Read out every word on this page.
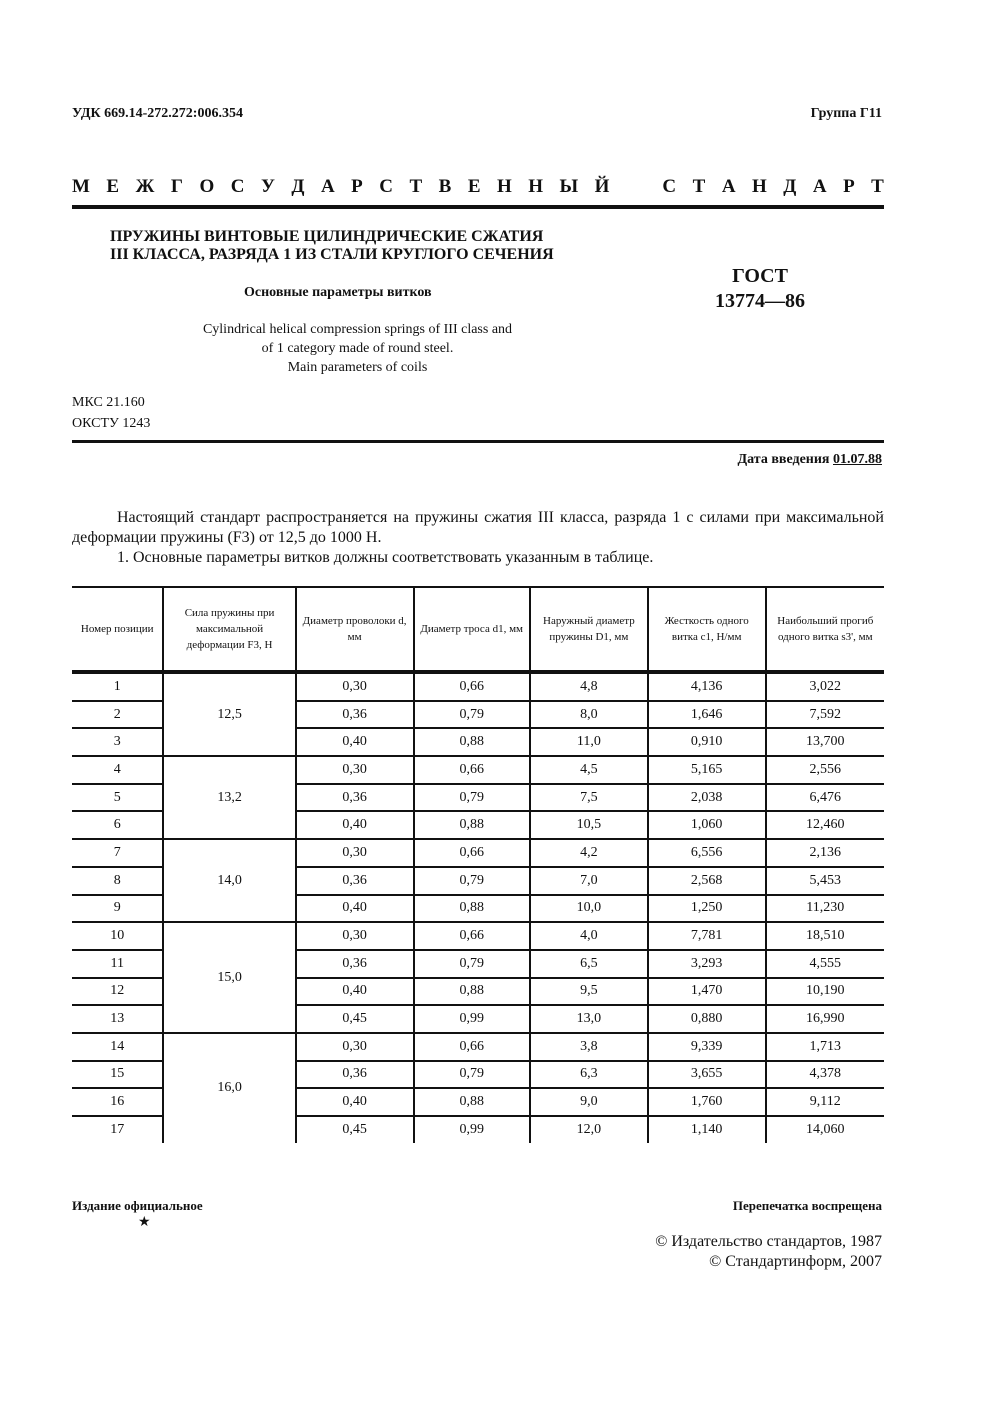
УДК 669.14-272.272:006.354	Группа Г11
М Е Ж Г О С У Д А Р С Т В Е Н Н Ы Й	С Т А Н Д А Р Т
ПРУЖИНЫ ВИНТОВЫЕ ЦИЛИНДРИЧЕСКИЕ СЖАТИЯ
III КЛАССА, РАЗРЯДА 1 ИЗ СТАЛИ КРУГЛОГО СЕЧЕНИЯ
Основные параметры витков
ГОСТ
13774—86
Cylindrical helical compression springs of III class and
of 1 category made of round steel.
Main parameters of coils
МКС 21.160
ОКСТУ 1243
Дата введения 01.07.88

Настоящий стандарт распространяется на пружины сжатия III класса, разряда 1 с силами при максимальной деформации пружины (F3) от 12,5 до 1000 Н.

1. Основные параметры витков должны соответствовать указанным в таблице.

Номер позиции	Сила пружины при максимальной деформации F3, Н	Диаметр проволоки d, мм	Диаметр троса d1, мм	Наружный диаметр пружины D1, мм	Жесткость одного витка c1, Н/мм	Наибольший прогиб одного витка s3', мм
1	12,5	0,30	0,66	4,8	4,136	3,022
2		0,36	0,79	8,0	1,646	7,592
3		0,40	0,88	11,0	0,910	13,700
4	13,2	0,30	0,66	4,5	5,165	2,556
5		0,36	0,79	7,5	2,038	6,476
6		0,40	0,88	10,5	1,060	12,460
7	14,0	0,30	0,66	4,2	6,556	2,136
8		0,36	0,79	7,0	2,568	5,453
9		0,40	0,88	10,0	1,250	11,230
10	15,0	0,30	0,66	4,0	7,781	18,510
11		0,36	0,79	6,5	3,293	4,555
12		0,40	0,88	9,5	1,470	10,190
13		0,45	0,99	13,0	0,880	16,990
14	16,0	0,30	0,66	3,8	9,339	1,713
15		0,36	0,79	6,3	3,655	4,378
16		0,40	0,88	9,0	1,760	9,112
17		0,45	0,99	12,0	1,140	14,060
Издание официальное
★
Перепечатка воспрещена
© Издательство стандартов, 1987
© Стандартинформ, 2007
